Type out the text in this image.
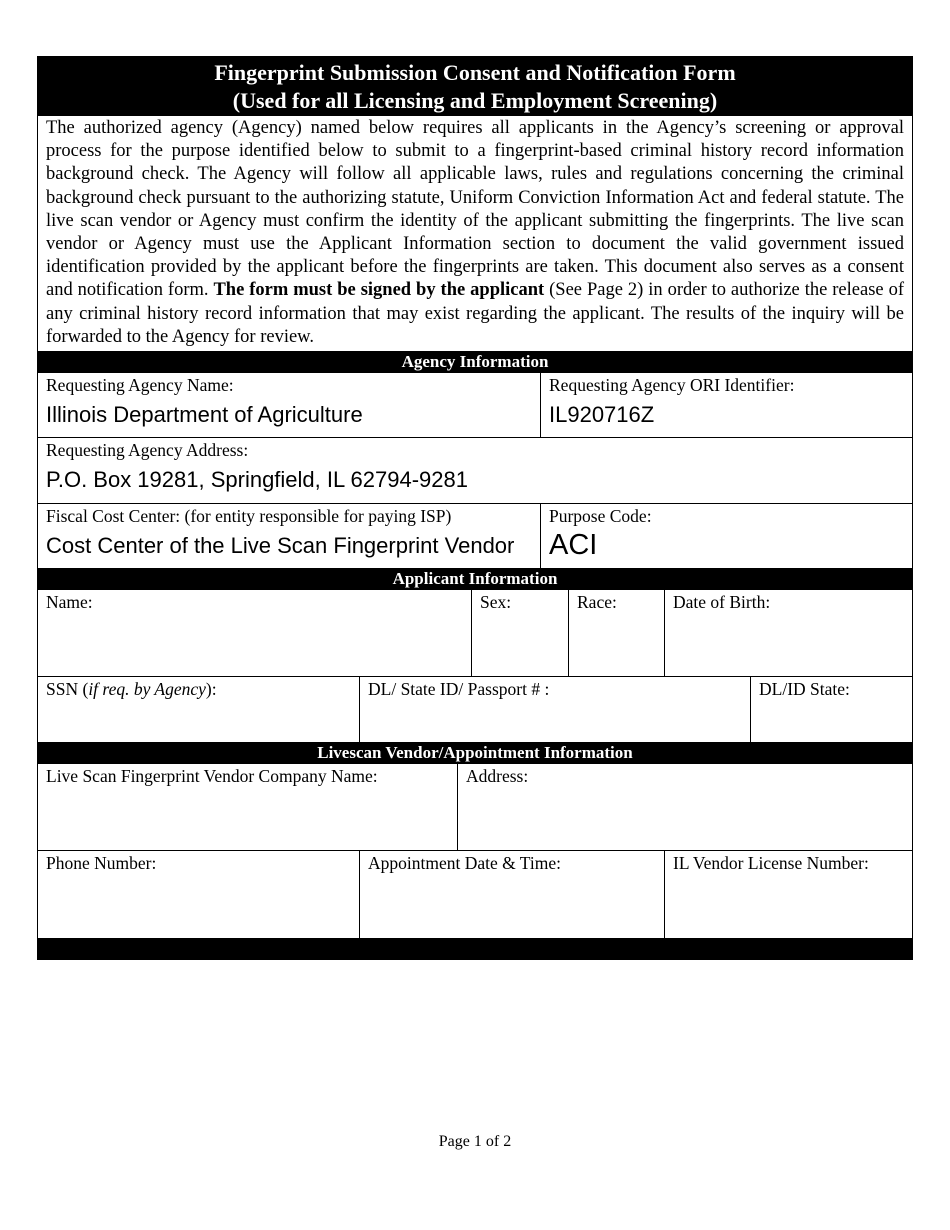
Fingerprint Submission Consent and Notification Form
(Used for all Licensing and Employment Screening)
The authorized agency (Agency) named below requires all applicants in the Agency’s screening or approval process for the purpose identified below to submit to a fingerprint-based criminal history record information background check. The Agency will follow all applicable laws, rules and regulations concerning the criminal background check pursuant to the authorizing statute, Uniform Conviction Information Act and federal statute. The live scan vendor or Agency must confirm the identity of the applicant submitting the fingerprints. The live scan vendor or Agency must use the Applicant Information section to document the valid government issued identification provided by the applicant before the fingerprints are taken. This document also serves as a consent and notification form. The form must be signed by the applicant (See Page 2) in order to authorize the release of any criminal history record information that may exist regarding the applicant. The results of the inquiry will be forwarded to the Agency for review.
Agency Information
Requesting Agency Name:
Illinois Department of Agriculture
Requesting Agency ORI Identifier:
IL920716Z
Requesting Agency Address:
P.O. Box 19281, Springfield, IL 62794-9281
Fiscal Cost Center: (for entity responsible for paying ISP)
Cost Center of the Live Scan Fingerprint Vendor
Purpose Code:
ACI
Applicant Information
Name:	Sex:	Race:	Date of Birth:
SSN (if req. by Agency):	DL/ State ID/ Passport # :	DL/ID State:
Livescan Vendor/Appointment Information
Live Scan Fingerprint Vendor Company Name:	Address:
Phone Number:	Appointment Date & Time:	IL Vendor License Number:
Page 1 of 2
